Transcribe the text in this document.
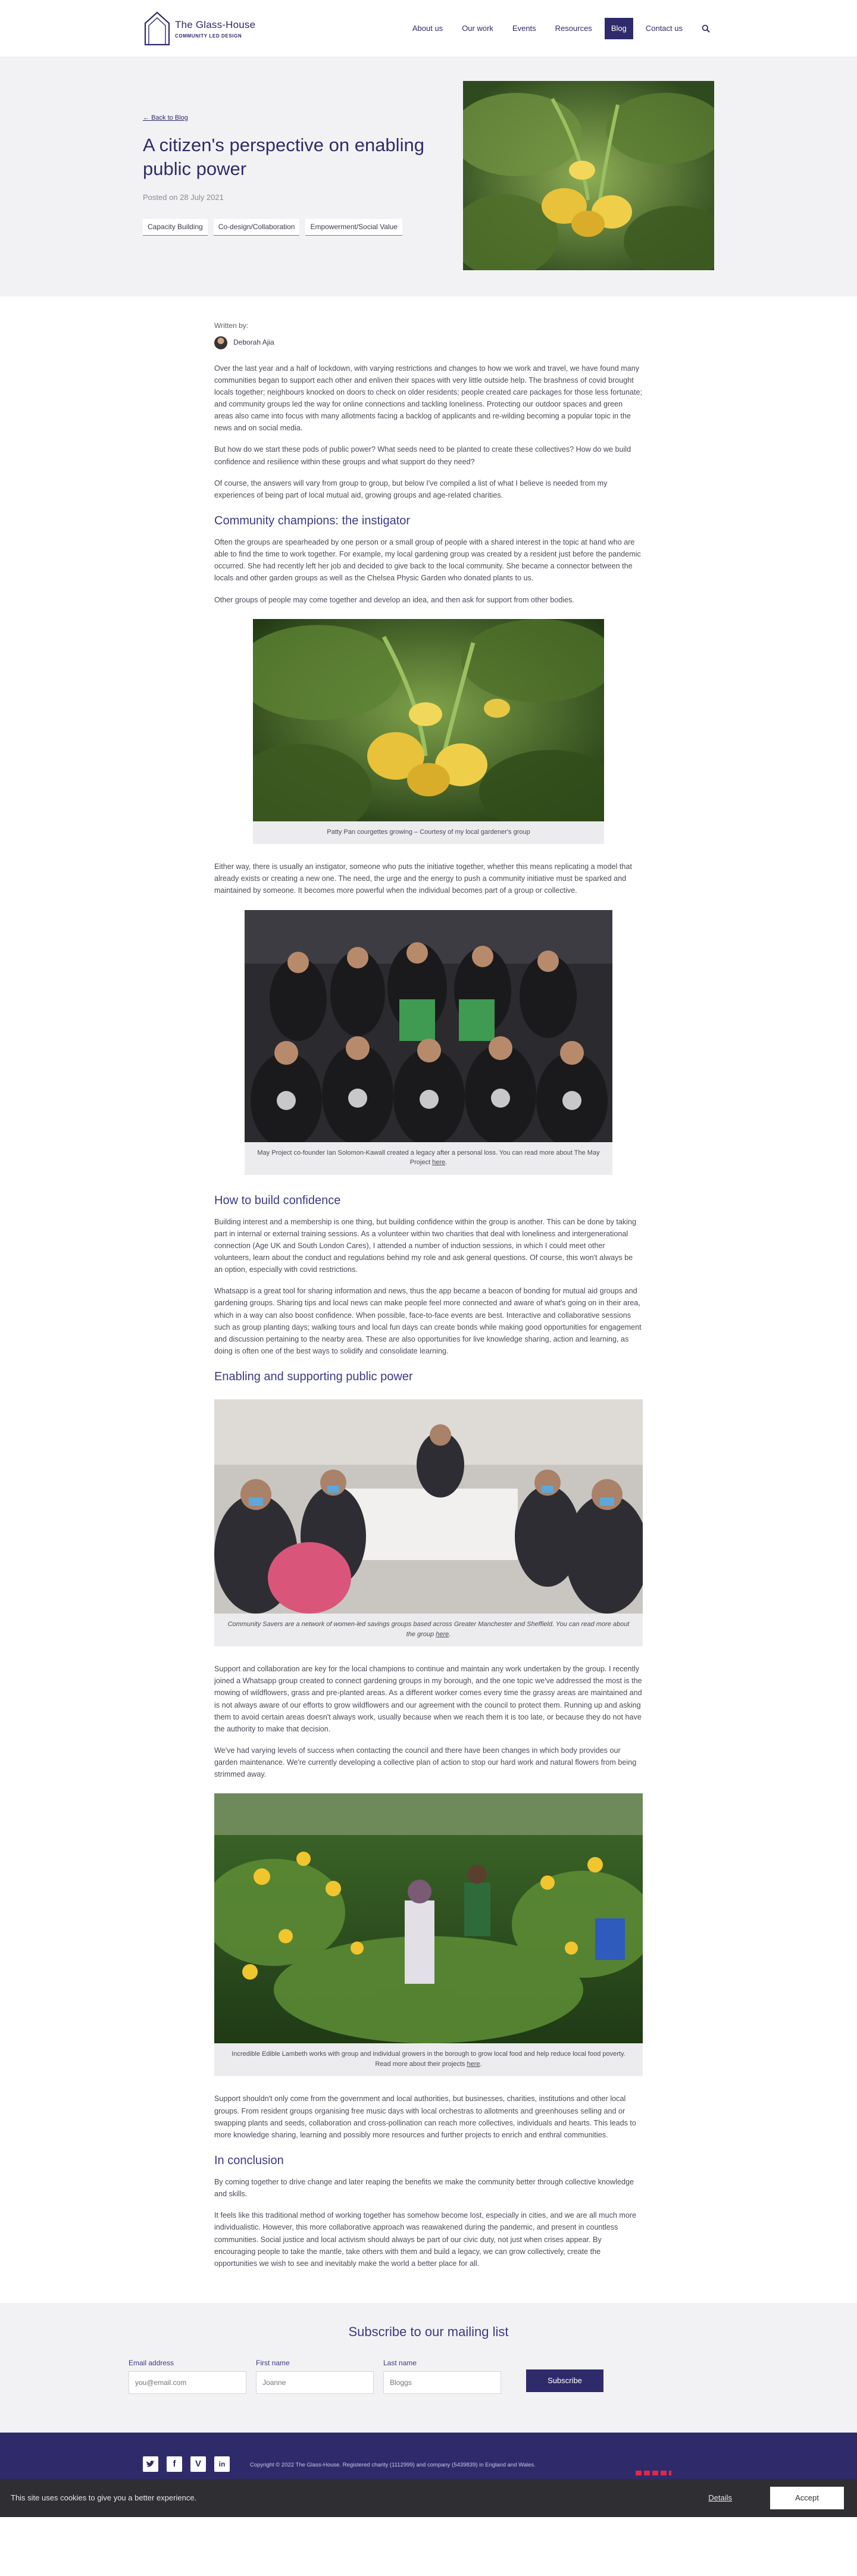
The Glass-House
COMMUNITY LED DESIGN
About us	Our work	Events	Resources	Blog	Contact us
← Back to Blog
A citizen's perspective on enabling public power
Posted on 28 July 2021
Capacity Building	Co-design/Collaboration	Empowerment/Social Value
Written by:
Deborah Ajia

Over the last year and a half of lockdown, with varying restrictions and changes to how we work and travel, we have found many communities began to support each other and enliven their spaces with very little outside help. The brashness of covid brought locals together; neighbours knocked on doors to check on older residents; people created care packages for those less fortunate; and community groups led the way for online connections and tackling loneliness. Protecting our outdoor spaces and green areas also came into focus with many allotments facing a backlog of applicants and re-wilding becoming a popular topic in the news and on social media.

But how do we start these pods of public power? What seeds need to be planted to create these collectives? How do we build confidence and resilience within these groups and what support do they need?

Of course, the answers will vary from group to group, but below I've compiled a list of what I believe is needed from my experiences of being part of local mutual aid, growing groups and age-related charities.

Community champions: the instigator

Often the groups are spearheaded by one person or a small group of people with a shared interest in the topic at hand who are able to find the time to work together. For example, my local gardening group was created by a resident just before the pandemic occurred. She had recently left her job and decided to give back to the local community. She became a connector between the locals and other garden groups as well as the Chelsea Physic Garden who donated plants to us.

Other groups of people may come together and develop an idea, and then ask for support from other bodies.

Patty Pan courgettes growing – Courtesy of my local gardener's group

Either way, there is usually an instigator, someone who puts the initiative together, whether this means replicating a model that already exists or creating a new one. The need, the urge and the energy to push a community initiative must be sparked and maintained by someone. It becomes more powerful when the individual becomes part of a group or collective.

May Project co-founder Ian Solomon-Kawall created a legacy after a personal loss. You can read more about The May Project here.
How to build confidence

Building interest and a membership is one thing, but building confidence within the group is another. This can be done by taking part in internal or external training sessions. As a volunteer within two charities that deal with loneliness and intergenerational connection (Age UK and South London Cares), I attended a number of induction sessions, in which I could meet other volunteers, learn about the conduct and regulations behind my role and ask general questions. Of course, this won't always be an option, especially with covid restrictions.

Whatsapp is a great tool for sharing information and news, thus the app became a beacon of bonding for mutual aid groups and gardening groups. Sharing tips and local news can make people feel more connected and aware of what's going on in their area, which in a way can also boost confidence. When possible, face-to-face events are best. Interactive and collaborative sessions such as group planting days; walking tours and local fun days can create bonds while making good opportunities for engagement and discussion pertaining to the nearby area. These are also opportunities for live knowledge sharing, action and learning, as doing is often one of the best ways to solidify and consolidate learning.

Enabling and supporting public power
Community Savers are a network of women-led savings groups based across Greater Manchester and Sheffield. You can read more about the group here.

Support and collaboration are key for the local champions to continue and maintain any work undertaken by the group. I recently joined a Whatsapp group created to connect gardening groups in my borough, and the one topic we've addressed the most is the mowing of wildflowers, grass and pre-planted areas. As a different worker comes every time the grassy areas are maintained and is not always aware of our efforts to grow wildflowers and our agreement with the council to protect them. Running up and asking them to avoid certain areas doesn't always work, usually because when we reach them it is too late, or because they do not have the authority to make that decision.

We've had varying levels of success when contacting the council and there have been changes in which body provides our garden maintenance. We're currently developing a collective plan of action to stop our hard work and natural flowers from being strimmed away.

Incredible Edible Lambeth works with group and individual growers in the borough to grow local food and help reduce local food poverty. Read more about their projects here.

Support shouldn't only come from the government and local authorities, but businesses, charities, institutions and other local groups. From resident groups organising free music days with local orchestras to allotments and greenhouses selling and or swapping plants and seeds, collaboration and cross-pollination can reach more collectives, individuals and hearts. This leads to more knowledge sharing, learning and possibly more resources and further projects to enrich and enthral communities.

In conclusion

By coming together to drive change and later reaping the benefits we make the community better through collective knowledge and skills.

It feels like this traditional method of working together has somehow become lost, especially in cities, and we are all much more individualistic. However, this more collaborative approach was reawakened during the pandemic, and present in countless communities. Social justice and local activism should always be part of our civic duty, not just when crises appear. By encouraging people to take the mantle, take others with them and build a legacy, we can grow collectively, create the opportunities we wish to see and inevitably make the world a better place for all.

Subscribe to our mailing list
Email address
you@email.com	First name
Joanne	Last name
Bloggs
Subscribe
f	V	in	Copyright © 2022 The Glass-House. Registered charity (1112999) and company (5439839) in England and Wales.
This site uses cookies to give you a better experience.	Details	Accept
